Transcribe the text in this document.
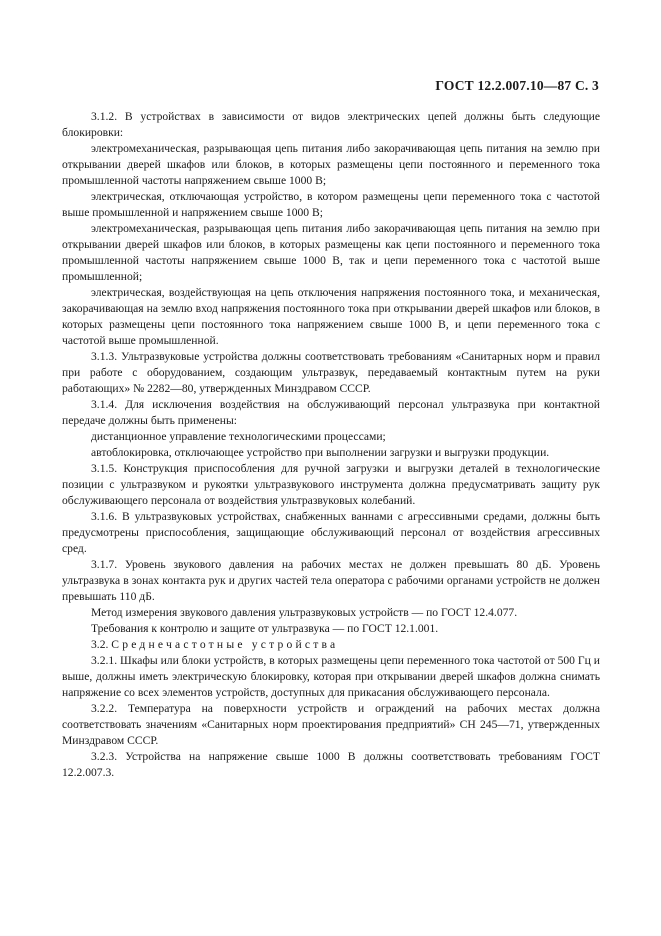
ГОСТ 12.2.007.10—87 С. 3

3.1.2. В устройствах в зависимости от видов электрических цепей должны быть следующие блокировки:

электромеханическая, разрывающая цепь питания либо закорачивающая цепь питания на землю при открывании дверей шкафов или блоков, в которых размещены цепи постоянного и переменного тока промышленной частоты напряжением свыше 1000 В;

электрическая, отключающая устройство, в котором размещены цепи переменного тока с частотой выше промышленной и напряжением свыше 1000 В;

электромеханическая, разрывающая цепь питания либо закорачивающая цепь питания на землю при открывании дверей шкафов или блоков, в которых размещены как цепи постоянного и переменного тока промышленной частоты напряжением свыше 1000 В, так и цепи переменного тока с частотой выше промышленной;

электрическая, воздействующая на цепь отключения напряжения постоянного тока, и механическая, закорачивающая на землю вход напряжения постоянного тока при открывании дверей шкафов или блоков, в которых размещены цепи постоянного тока напряжением свыше 1000 В, и цепи переменного тока с частотой выше промышленной.

3.1.3. Ультразвуковые устройства должны соответствовать требованиям «Санитарных норм и правил при работе с оборудованием, создающим ультразвук, передаваемый контактным путем на руки работающих» № 2282—80, утвержденных Минздравом СССР.

3.1.4. Для исключения воздействия на обслуживающий персонал ультразвука при контактной передаче должны быть применены:

дистанционное управление технологическими процессами;

автоблокировка, отключающее устройство при выполнении загрузки и выгрузки продукции.

3.1.5. Конструкция приспособления для ручной загрузки и выгрузки деталей в технологические позиции с ультразвуком и рукоятки ультразвукового инструмента должна предусматривать защиту рук обслуживающего персонала от воздействия ультразвуковых колебаний.

3.1.6. В ультразвуковых устройствах, снабженных ваннами с агрессивными средами, должны быть предусмотрены приспособления, защищающие обслуживающий персонал от воздействия агрессивных сред.

3.1.7. Уровень звукового давления на рабочих местах не должен превышать 80 дБ. Уровень ультразвука в зонах контакта рук и других частей тела оператора с рабочими органами устройств не должен превышать 110 дБ.

Метод измерения звукового давления ультразвуковых устройств — по ГОСТ 12.4.077.

Требования к контролю и защите от ультразвука — по ГОСТ 12.1.001.

3.2. Среднечастотные устройства

3.2.1. Шкафы или блоки устройств, в которых размещены цепи переменного тока частотой от 500 Гц и выше, должны иметь электрическую блокировку, которая при открывании дверей шкафов должна снимать напряжение со всех элементов устройств, доступных для прикасания обслуживающего персонала.

3.2.2. Температура на поверхности устройств и ограждений на рабочих местах должна соответствовать значениям «Санитарных норм проектирования предприятий» СН 245—71, утвержденных Минздравом СССР.

3.2.3. Устройства на напряжение свыше 1000 В должны соответствовать требованиям ГОСТ 12.2.007.3.
